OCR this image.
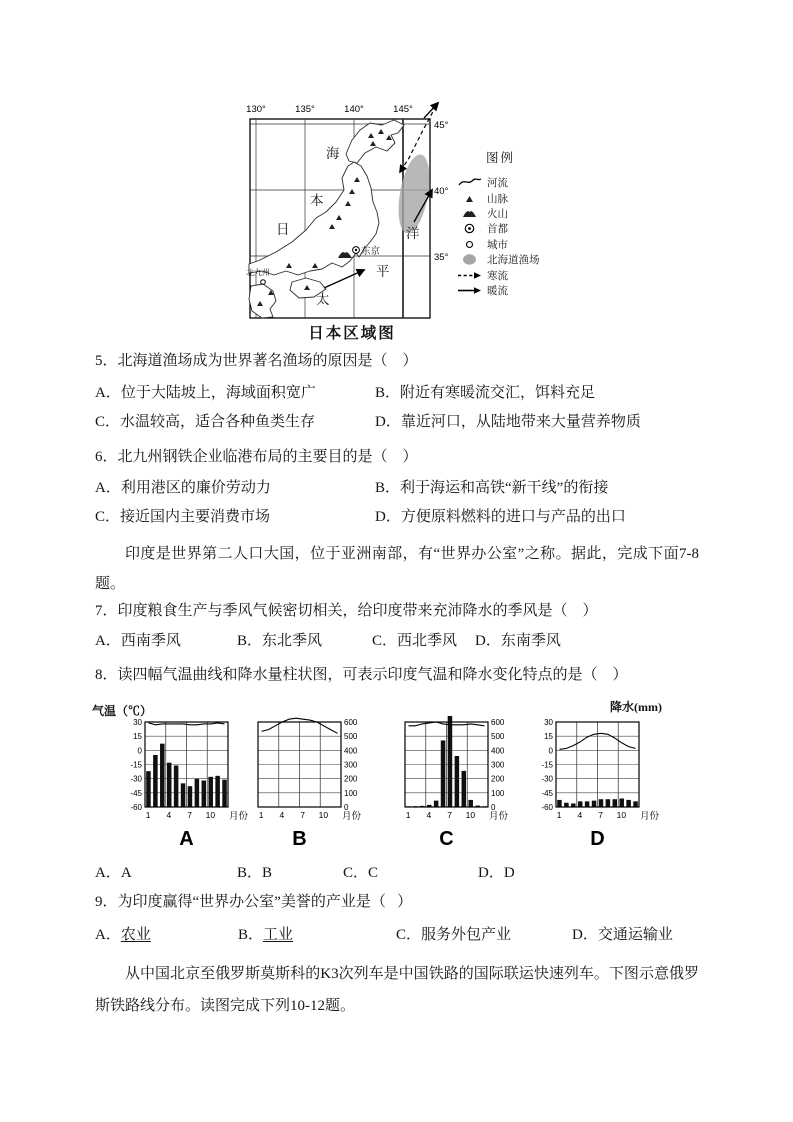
130°	135°	140°	145°
45°
40°
35°
海
本
日	洋
平
太
东京
北九州
图例
河流
山脉
火山
首都
城市
北海道渔场
寒流
暖流
日本区域图
5．北海道渔场成为世界著名渔场的原因是（    ）

A．位于大陆坡上，海域面积宽广

	B．附近有寒暖流交汇，饵料充足

C．水温较高，适合各种鱼类生存

	D．靠近河口，从陆地带来大量营养物质

6．北九州钢铁企业临港布局的主要目的是（    ）

A．利用港区的廉价劳动力

	B．利于海运和高铁“新干线”的衔接

C．接近国内主要消费市场

	D．方便原料燃料的进口与产品的出口

印度是世界第二人口大国，位于亚洲南部，有“世界办公室”之称。据此，完成下面7-8题。
7．印度粮食生产与季风气候密切相关，给印度带来充沛降水的季风是（    ）

A．西南季风

	B．东北季风

	C．西北季风

D．东南季风

8．读四幅气温曲线和降水量柱状图，可表示印度气温和降水变化特点的是（    ）
气温（℃）	降水(mm)
30
15
0
-15
-30
-45
-60
1 4 7 10 月份
A
600
500
400
300
200
100
0
1 4 7 10 月份
B
600
500
400
300
200
100
0
1 4 7 10 月份
C
30
15
0
-15
-30
-45
-60
1 4 7 10 月份
D

A．A

	B．B

	C．C

	D．D

9．为印度赢得“世界办公室”美誉的产业是（   ）

A．农业

	B．工业

	C．服务外包产业

	D．交通运输业

从中国北京至俄罗斯莫斯科的K3次列车是中国铁路的国际联运快速列车。下图示意俄罗斯铁路线分布。读图完成下列10-12题。
